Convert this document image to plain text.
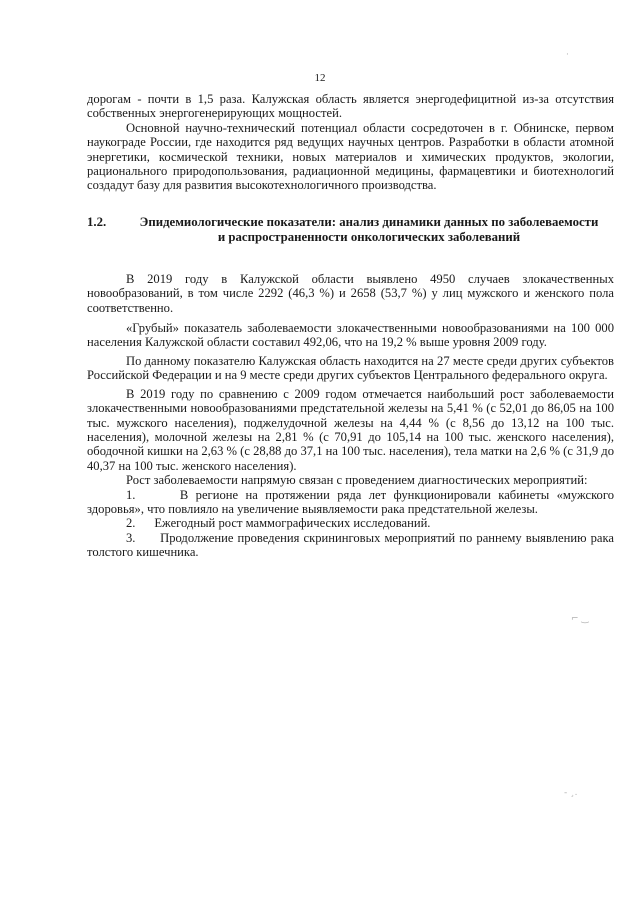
12

дорогам - почти в 1,5 раза. Калужская область является энергодефицитной из-за отсутствия собственных энергогенерирующих мощностей.

Основной научно-технический потенциал области сосредоточен в г. Обнинске, первом наукограде России, где находится ряд ведущих научных центров. Разработки в области атомной энергетики, космической техники, новых материалов и химических продуктов, экологии, рационального природопользования, радиационной медицины, фармацевтики и биотехнологий создадут базу для развития высокотехнологичного производства.

1.2.	Эпидемиологические показатели: анализ динамики данных по заболеваемости
и распространенности онкологических заболеваний

В 2019 году в Калужской области выявлено 4950 случаев злокачественных новообразований, в том числе 2292 (46,3 %) и 2658 (53,7 %) у лиц мужского и женского пола соответственно.

«Грубый» показатель заболеваемости злокачественными новообразованиями на 100 000 населения Калужской области составил 492,06, что на 19,2 % выше уровня 2009 году.

По данному показателю Калужская область находится на 27 месте среди других субъектов Российской Федерации и на 9 месте среди других субъектов Центрального федерального округа.

В 2019 году по сравнению с 2009 годом отмечается наибольший рост заболеваемости злокачественными новообразованиями предстательной железы на 5,41 % (с 52,01 до 86,05 на 100 тыс. мужского населения), поджелудочной железы на 4,44 % (с 8,56 до 13,12 на 100 тыс. населения), молочной железы на 2,81 % (с 70,91 до 105,14 на 100 тыс. женского населения), ободочной кишки на 2,63 % (с 28,88 до 37,1 на 100 тыс. населения), тела матки на 2,6 % (с 31,9 до 40,37 на 100 тыс. женского населения).

Рост заболеваемости напрямую связан с проведением диагностических мероприятий:

1.	В регионе на протяжении ряда лет функционировали кабинеты «мужского здоровья», что повлияло на увеличение выявляемости рака предстательной железы.

2. Ежегодный рост маммографических исследований.

3. Продолжение проведения скрининговых мероприятий по раннему выявлению рака толстого кишечника.

·
⌐ ‿
‐ ¸.
